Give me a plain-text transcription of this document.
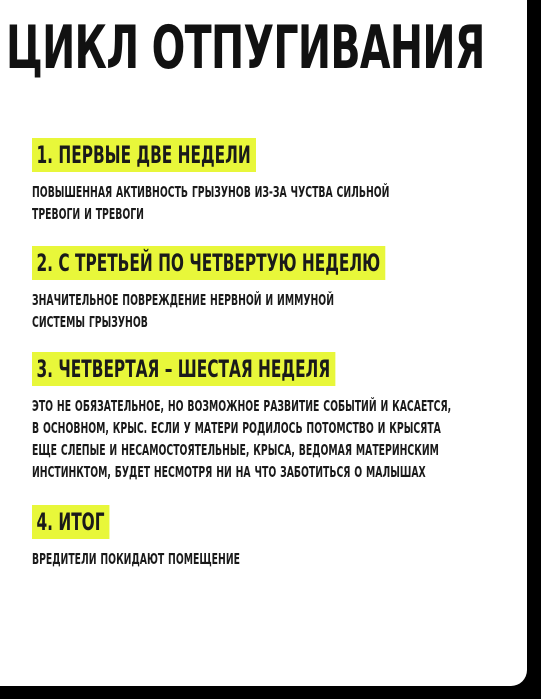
ЦИКЛ ОТПУГИВАНИЯ
1. ПЕРВЫЕ ДВЕ НЕДЕЛИ
ПОВЫШЕННАЯ АКТИВНОСТЬ ГРЫЗУНОВ ИЗ-ЗА ЧУСТВА СИЛЬНОЙ
ТРЕВОГИ И ТРЕВОГИ
2. С ТРЕТЬЕЙ ПО ЧЕТВЕРТУЮ НЕДЕЛЮ
ЗНАЧИТЕЛЬНОЕ ПОВРЕЖДЕНИЕ НЕРВНОЙ И ИММУНОЙ
СИСТЕМЫ ГРЫЗУНОВ
3. ЧЕТВЕРТАЯ – ШЕСТАЯ НЕДЕЛЯ
ЭТО НЕ ОБЯЗАТЕЛЬНОЕ, НО ВОЗМОЖНОЕ РАЗВИТИЕ СОБЫТИЙ И КАСАЕТСЯ,
В ОСНОВНОМ, КРЫС. ЕСЛИ У МАТЕРИ РОДИЛОСЬ ПОТОМСТВО И КРЫСЯТА
ЕЩЕ СЛЕПЫЕ И НЕСАМОСТОЯТЕЛЬНЫЕ, КРЫСА, ВЕДОМАЯ МАТЕРИНСКИМ
ИНСТИНКТОМ, БУДЕТ НЕСМОТРЯ НИ НА ЧТО ЗАБОТИТЬСЯ О МАЛЫШАХ
4. ИТОГ
ВРЕДИТЕЛИ ПОКИДАЮТ ПОМЕЩЕНИЕ
